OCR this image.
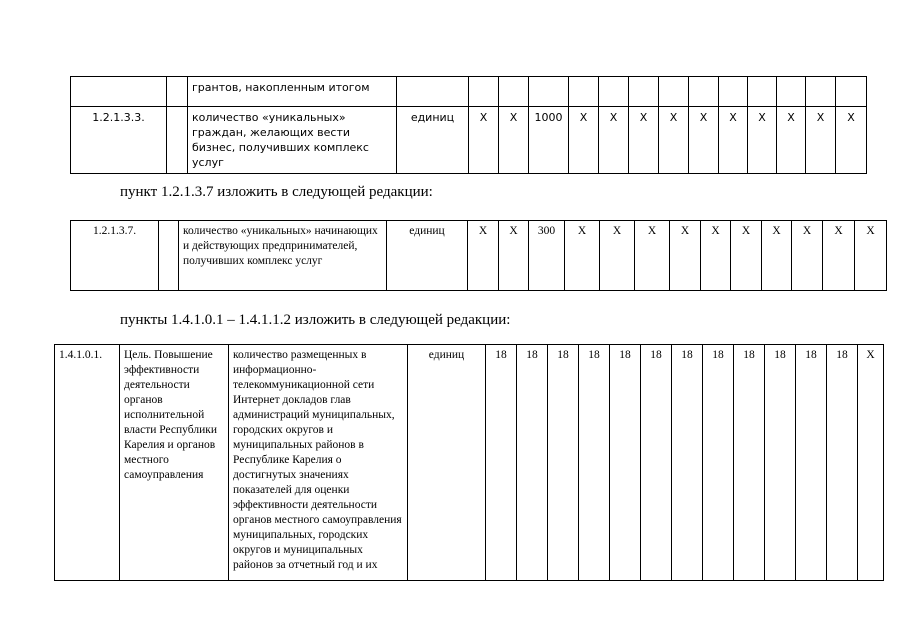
		грантов, накопленным итогом														
1.2.1.3.3.		количество «уникальных» граждан, желающих вести бизнес, получивших комплекс услуг	единиц	X	X	1000	X	X	X	X	X	X	X	X	X	X
пункт 1.2.1.3.7 изложить в следующей редакции:
1.2.1.3.7.		количество «уникальных» начинающих и действующих предпринимателей, получивших комплекс услуг	единиц	X	X	300	X	X	X	X	X	X	X	X	X	X
пункты 1.4.1.0.1 – 1.4.1.1.2 изложить в следующей редакции:
1.4.1.0.1.	Цель. Повышение эффективности деятельности органов исполнительной власти Республики Карелия и органов местного самоуправления	количество размещенных в информационно-телекоммуникационной сети Интернет докладов глав администраций муниципальных, городских округов и муниципальных районов в Республике Карелия о достигнутых значениях показателей для оценки эффективности деятельности органов местного самоуправления муниципальных, городских округов и муниципальных районов за отчетный год и их	единиц	18	18	18	18	18	18	18	18	18	18	18	18	X
